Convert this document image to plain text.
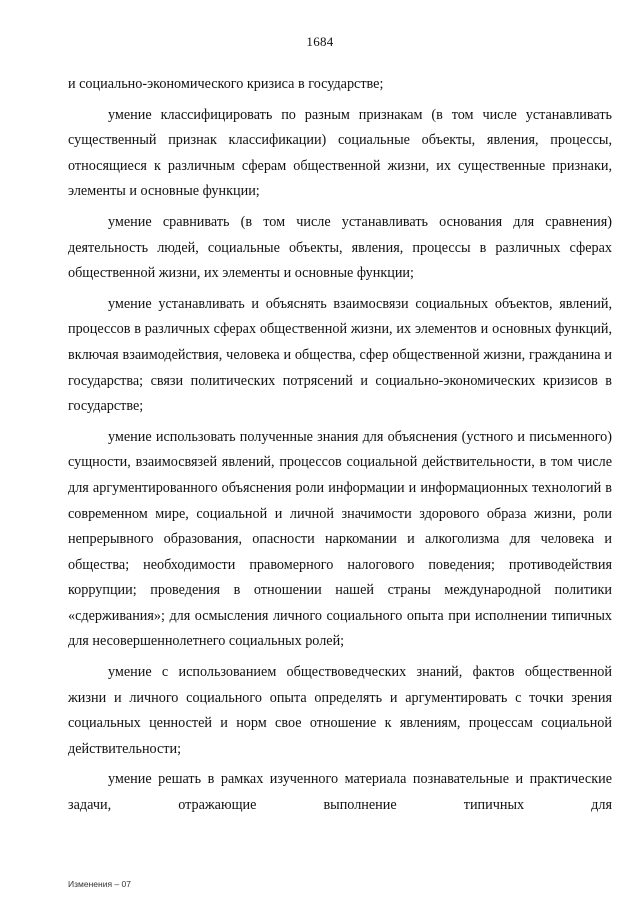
1684

и социально-экономического кризиса в государстве;

умение классифицировать по разным признакам (в том числе устанавливать существенный признак классификации) социальные объекты, явления, процессы, относящиеся к различным сферам общественной жизни, их существенные признаки, элементы и основные функции;

умение сравнивать (в том числе устанавливать основания для сравнения) деятельность людей, социальные объекты, явления, процессы в различных сферах общественной жизни, их элементы и основные функции;

умение устанавливать и объяснять взаимосвязи социальных объектов, явлений, процессов в различных сферах общественной жизни, их элементов и основных функций, включая взаимодействия, человека и общества, сфер общественной жизни, гражданина и государства; связи политических потрясений и социально-экономических кризисов в государстве;

умение использовать полученные знания для объяснения (устного и письменного) сущности, взаимосвязей явлений, процессов социальной действительности, в том числе для аргументированного объяснения роли информации и информационных технологий в современном мире, социальной и личной значимости здорового образа жизни, роли непрерывного образования, опасности наркомании и алкоголизма для человека и общества; необходимости правомерного налогового поведения; противодействия коррупции; проведения в отношении нашей страны международной политики «сдерживания»; для осмысления личного социального опыта при исполнении типичных для несовершеннолетнего социальных ролей;

умение с использованием обществоведческих знаний, фактов общественной жизни и личного социального опыта определять и аргументировать с точки зрения социальных ценностей и норм свое отношение к явлениям, процессам социальной действительности;

умение решать в рамках изученного материала познавательные и практические задачи, отражающие выполнение типичных для

Изменения – 07
